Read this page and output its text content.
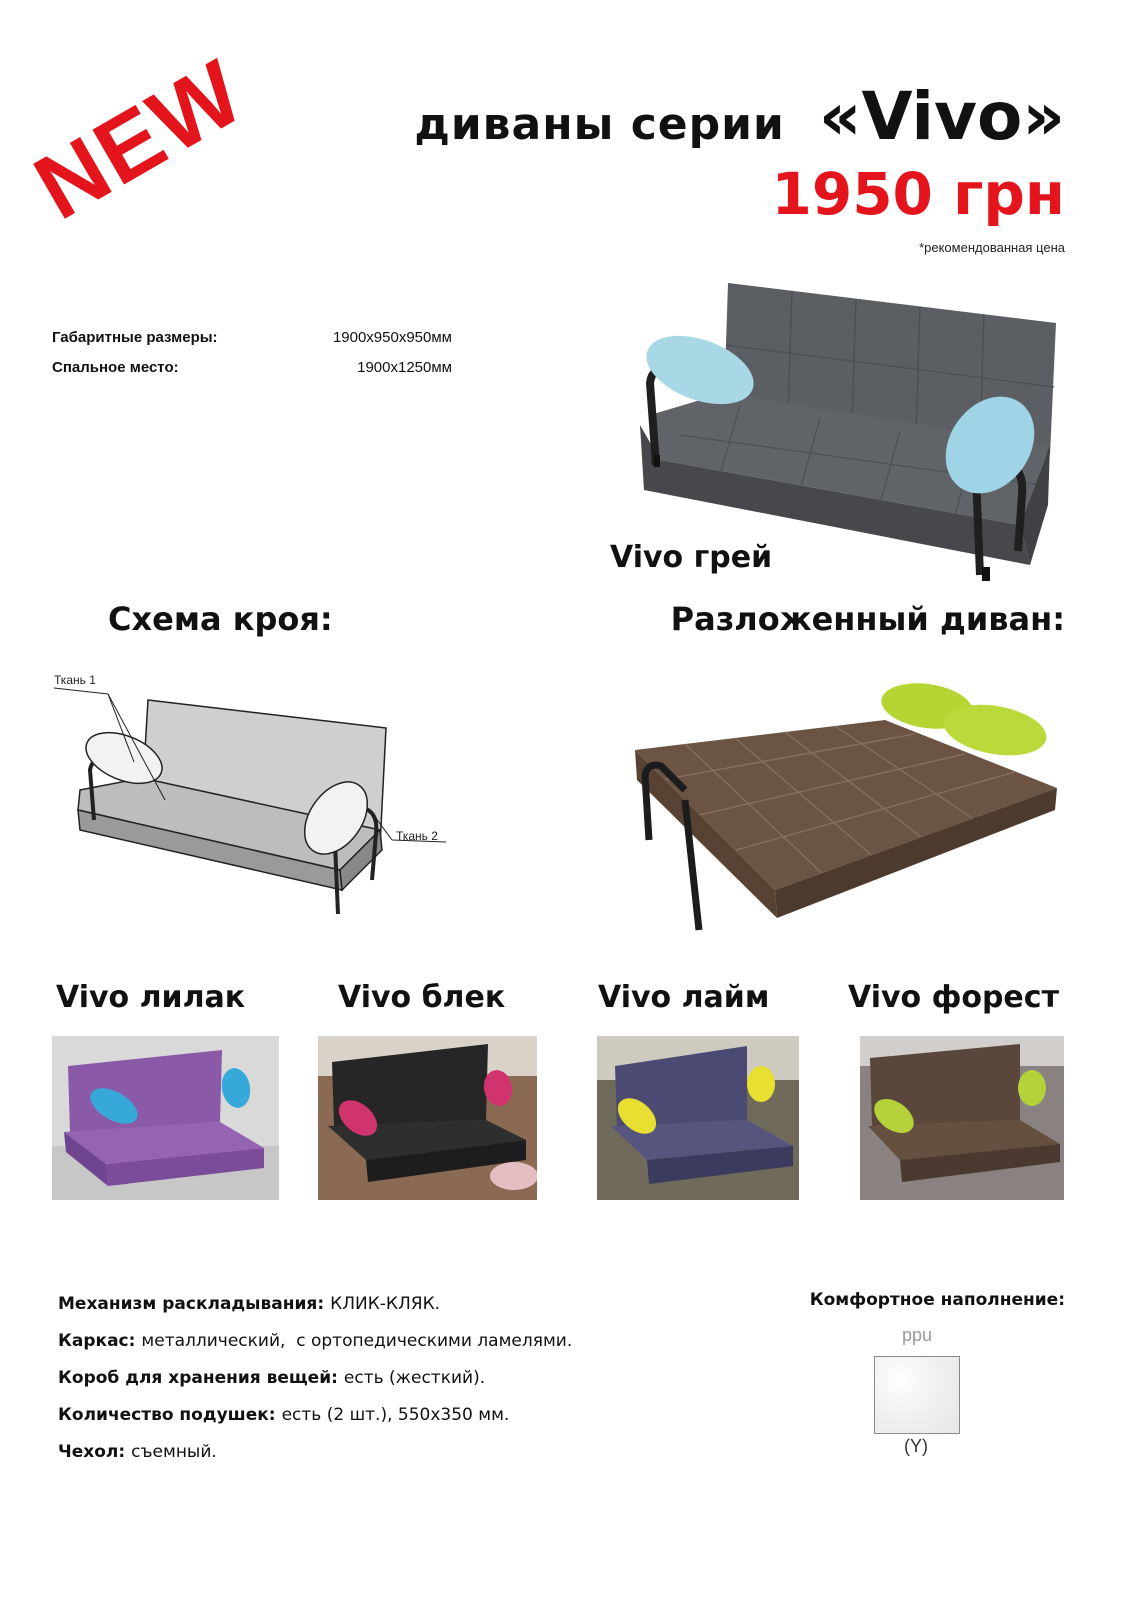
NEW	диваны серии «Vivo»
1950 грн
*рекомендованная цена
Габаритные размеры:	1900х950х950мм
Спальное место:	1900х1250мм
Vivo грей
Схема кроя:	Разложенный диван:
Ткань 1
Ткань 2
Vivo лилак	Vivo блек	Vivo лайм	Vivo форест
Механизм раскладывания: КЛИК-КЛЯК.
Каркас: металлический,  с ортопедическими ламелями.
Короб для хранения вещей: есть (жесткий).
Количество подушек: есть (2 шт.), 550х350 мм.
Чехол: съемный.
Комфортное наполнение:
ppu
(Y)
